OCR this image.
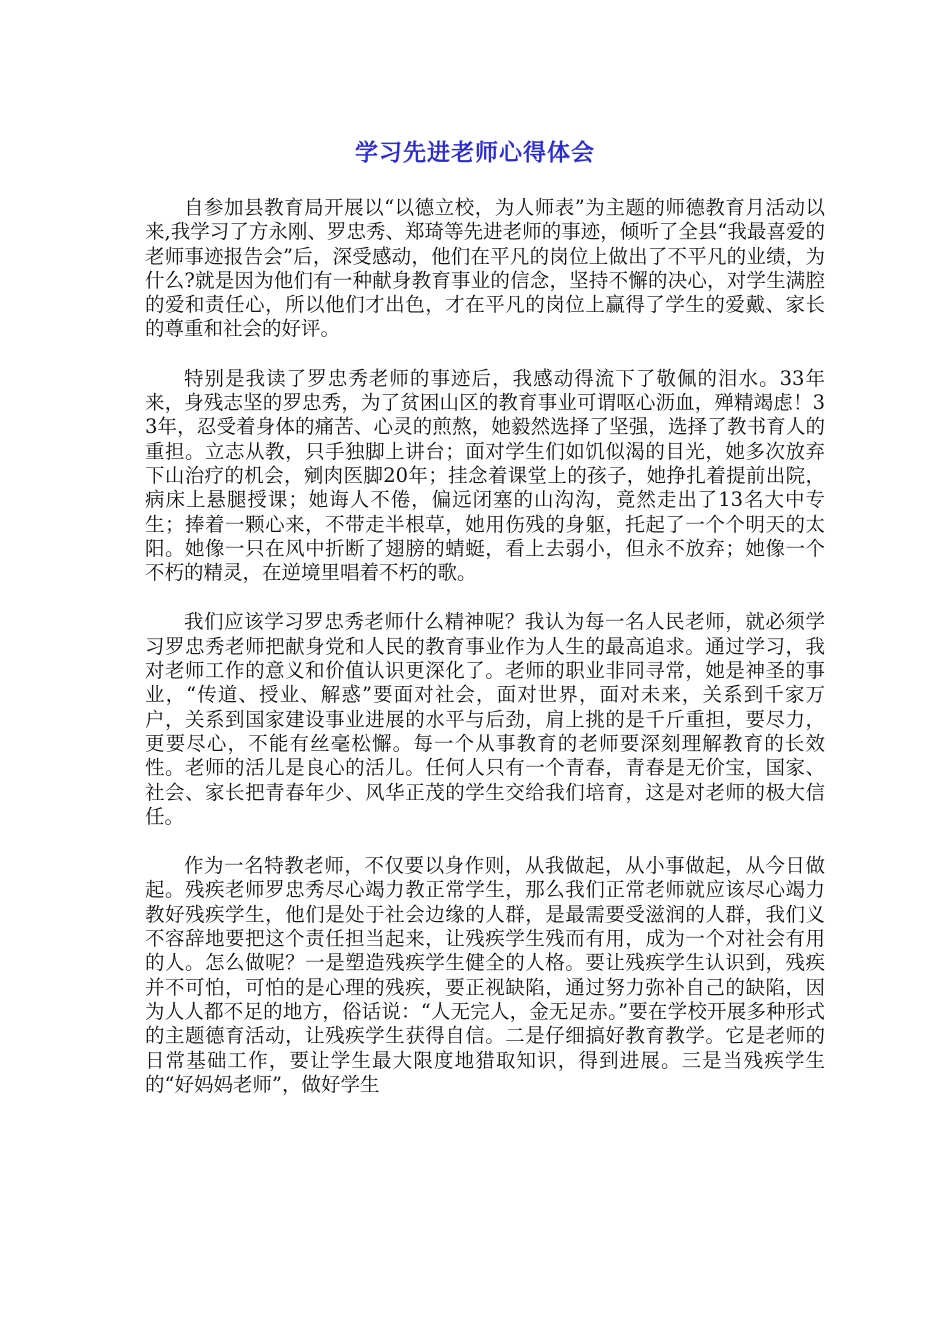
学习先进老师心得体会

自参加县教育局开展以“以德立校，为人师表”为主题的师德教育月活动以来,我学习了方永刚、罗忠秀、郑琦等先进老师的事迹，倾听了全县“我最喜爱的老师事迹报告会”后，深受感动，他们在平凡的岗位上做出了不平凡的业绩，为什么?就是因为他们有一种献身教育事业的信念，坚持不懈的决心，对学生满腔的爱和责任心，所以他们才出色，才在平凡的岗位上赢得了学生的爱戴、家长的尊重和社会的好评。

特别是我读了罗忠秀老师的事迹后，我感动得流下了敬佩的泪水。33年来，身残志坚的罗忠秀，为了贫困山区的教育事业可谓呕心沥血，殚精竭虑！33年，忍受着身体的痛苦、心灵的煎熬，她毅然选择了坚强，选择了教书育人的重担。立志从教，只手独脚上讲台；面对学生们如饥似渴的目光，她多次放弃下山治疗的机会，剜肉医脚20年；挂念着课堂上的孩子，她挣扎着提前出院，病床上悬腿授课；她诲人不倦，偏远闭塞的山沟沟，竟然走出了13名大中专生；捧着一颗心来，不带走半根草，她用伤残的身躯，托起了一个个明天的太阳。她像一只在风中折断了翅膀的蜻蜓，看上去弱小，但永不放弃；她像一个不朽的精灵，在逆境里唱着不朽的歌。

我们应该学习罗忠秀老师什么精神呢？我认为每一名人民老师，就必须学习罗忠秀老师把献身党和人民的教育事业作为人生的最高追求。通过学习，我对老师工作的意义和价值认识更深化了。老师的职业非同寻常，她是神圣的事业，“传道、授业、解惑”要面对社会，面对世界，面对未来，关系到千家万户，关系到国家建设事业进展的水平与后劲，肩上挑的是千斤重担，要尽力，更要尽心，不能有丝毫松懈。每一个从事教育的老师要深刻理解教育的长效性。老师的活儿是良心的活儿。任何人只有一个青春，青春是无价宝，国家、社会、家长把青春年少、风华正茂的学生交给我们培育，这是对老师的极大信任。

作为一名特教老师，不仅要以身作则，从我做起，从小事做起，从今日做起。残疾老师罗忠秀尽心竭力教正常学生，那么我们正常老师就应该尽心竭力教好残疾学生，他们是处于社会边缘的人群，是最需要受滋润的人群，我们义不容辞地要把这个责任担当起来，让残疾学生残而有用，成为一个对社会有用的人。怎么做呢？一是塑造残疾学生健全的人格。要让残疾学生认识到，残疾并不可怕，可怕的是心理的残疾，要正视缺陷，通过努力弥补自己的缺陷，因为人人都不足的地方，俗话说：“人无完人，金无足赤。”要在学校开展多种形式的主题德育活动，让残疾学生获得自信。二是仔细搞好教育教学。它是老师的日常基础工作，要让学生最大限度地猎取知识，得到进展。三是当残疾学生的“好妈妈老师”，做好学生
